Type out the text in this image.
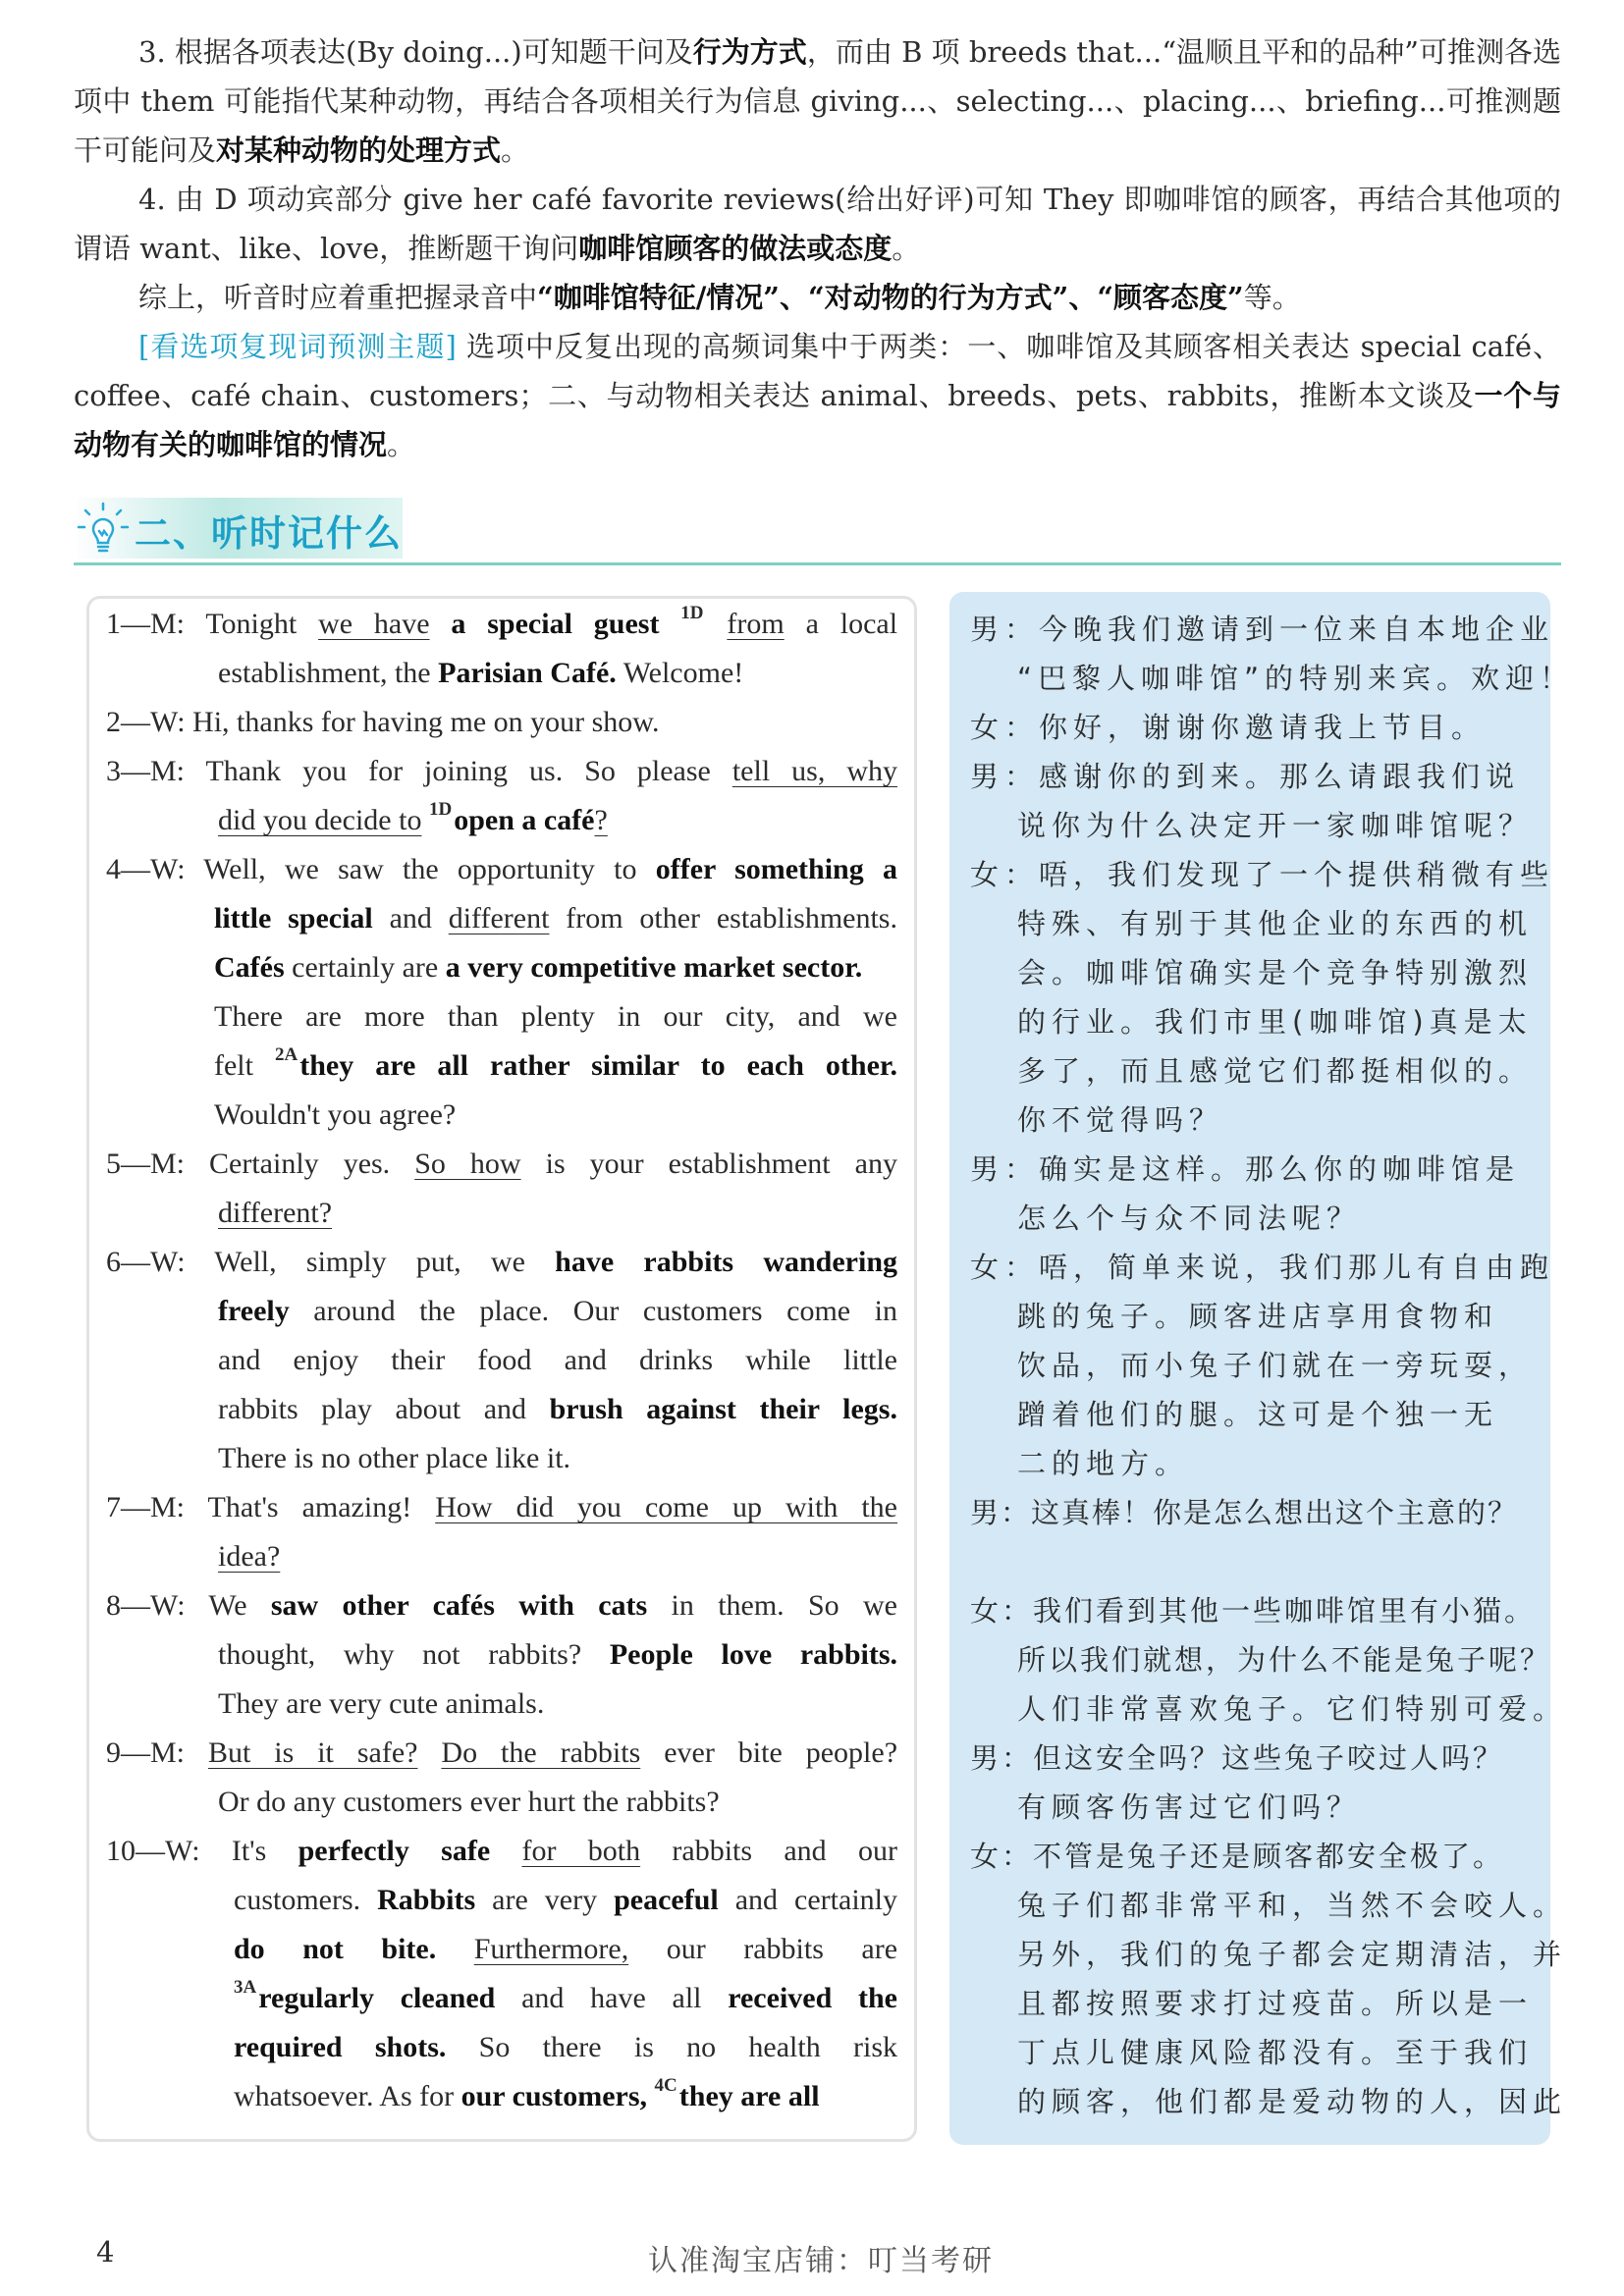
3. 根据各项表达(By doing...)可知题干问及行为方式，而由 B 项 breeds that...“温顺且平和的品种”可推测各选项中 them 可能指代某种动物，再结合各项相关行为信息 giving...、selecting...、placing...、briefing...可推测题干可能问及对某种动物的处理方式。

4. 由 D 项动宾部分 give her café favorite reviews(给出好评)可知 They 即咖啡馆的顾客，再结合其他项的谓语 want、like、love，推断题干询问咖啡馆顾客的做法或态度。

综上，听音时应着重把握录音中“咖啡馆特征/情况”、“对动物的行为方式”、“顾客态度”等。

[看选项复现词预测主题] 选项中反复出现的高频词集中于两类：一、咖啡馆及其顾客相关表达 special café、coffee、café chain、customers；二、与动物相关表达 animal、breeds、pets、rabbits，推断本文谈及一个与动物有关的咖啡馆的情况。

二、听时记什么
1—M: Tonight we have a special guest $^{1D}$ from a local
establishment, the Parisian Café. Welcome!
2—W: Hi, thanks for having me on your show.
3—M: Thank you for joining us. So please tell us, why
did you decide to $^{1D}$open a café?
4—W: Well, we saw the opportunity to offer something a
little special and different from other establishments.
Cafés certainly are a very competitive market sector.
There are more than plenty in our city, and we
felt $^{2A}$they are all rather similar to each other.
Wouldn't you agree?
5—M: Certainly yes. So how is your establishment any
different?
6—W: Well, simply put, we have rabbits wandering
freely around the place. Our customers come in
and enjoy their food and drinks while little
rabbits play about and brush against their legs.
There is no other place like it.
7—M: That's amazing! How did you come up with the
idea?
8—W: We saw other cafés with cats in them. So we
thought, why not rabbits? People love rabbits.
They are very cute animals.
9—M: But is it safe? Do the rabbits ever bite people?
Or do any customers ever hurt the rabbits?
10—W: It's perfectly safe for both rabbits and our
customers. Rabbits are very peaceful and certainly
do not bite. Furthermore, our rabbits are
$^{3A}$regularly cleaned and have all received the
required shots. So there is no health risk
whatsoever. As for our customers, $^{4C}$they are all
男：今晚我们邀请到一位来自本地企业
“巴黎人咖啡馆”的特别来宾。欢迎！
女：你好，谢谢你邀请我上节目。
男：感谢你的到来。那么请跟我们说
说你为什么决定开一家咖啡馆呢？
女：唔，我们发现了一个提供稍微有些
特殊、有别于其他企业的东西的机
会。咖啡馆确实是个竞争特别激烈
的行业。我们市里(咖啡馆)真是太
多了，而且感觉它们都挺相似的。
你不觉得吗？
男：确实是这样。那么你的咖啡馆是
怎么个与众不同法呢？
女：唔，简单来说，我们那儿有自由跑
跳的兔子。顾客进店享用食物和
饮品，而小兔子们就在一旁玩耍，
蹭着他们的腿。这可是个独一无
二的地方。
男：这真棒！你是怎么想出这个主意的？
女：我们看到其他一些咖啡馆里有小猫。
所以我们就想，为什么不能是兔子呢？
人们非常喜欢兔子。它们特别可爱。
男：但这安全吗？这些兔子咬过人吗？
有顾客伤害过它们吗？
女：不管是兔子还是顾客都安全极了。
兔子们都非常平和，当然不会咬人。
另外，我们的兔子都会定期清洁，并
且都按照要求打过疫苗。所以是一
丁点儿健康风险都没有。至于我们
的顾客，他们都是爱动物的人，因此
4	认准淘宝店铺：叮当考研
